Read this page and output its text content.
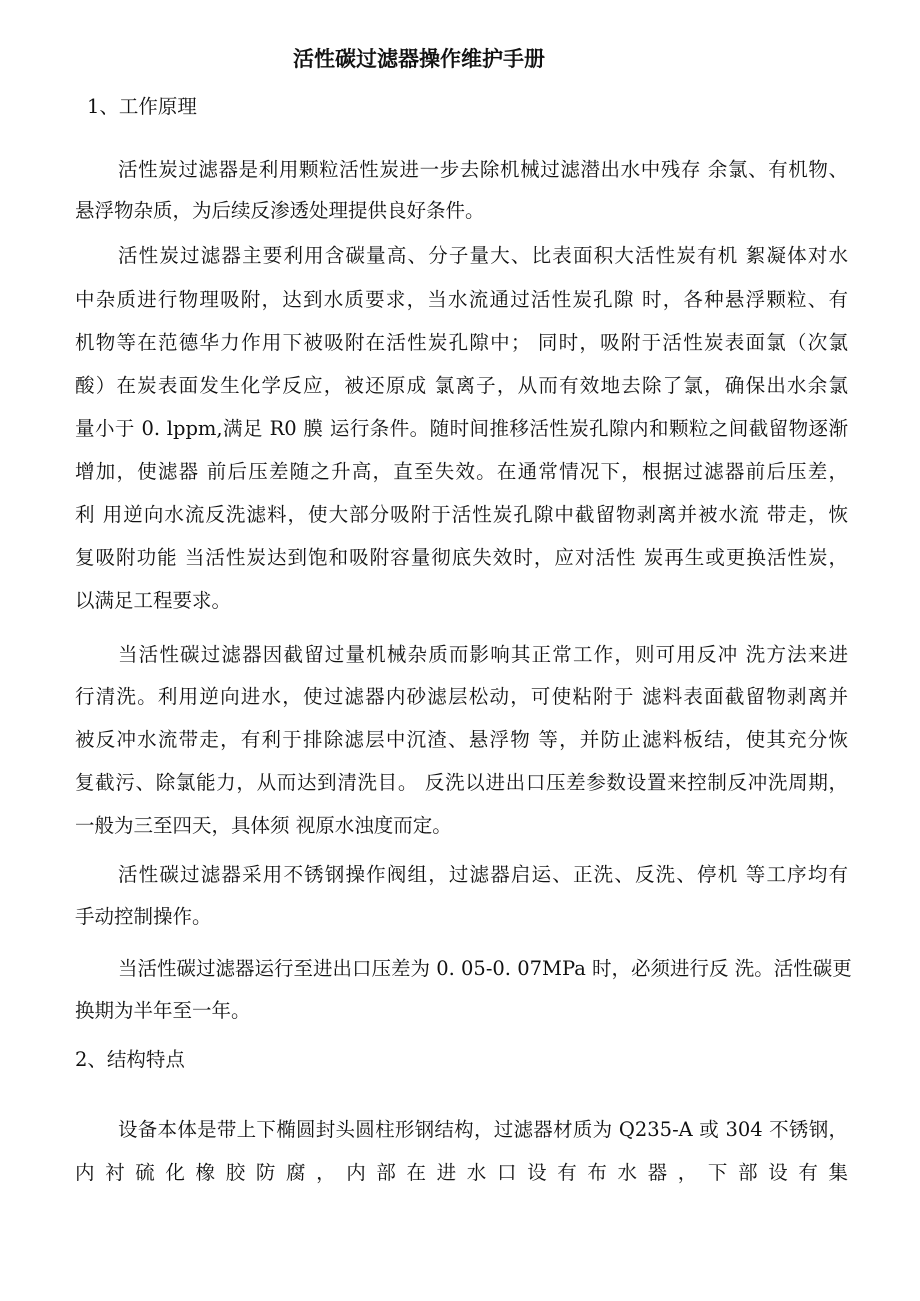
活性碳过滤器操作维护手册
1、工作原理
活性炭过滤器是利用颗粒活性炭进一步去除机械过滤潜出水中残存 余氯、有机物、
悬浮物杂质，为后续反渗透处理提供良好条件。
活性炭过滤器主要利用含碳量高、分子量大、比表面积大活性炭有机 絮凝体对水
中杂质进行物理吸附，达到水质要求，当水流通过活性炭孔隙 时，各种悬浮颗粒、有
机物等在范德华力作用下被吸附在活性炭孔隙中； 同时，吸附于活性炭表面氯（次氯
酸）在炭表面发生化学反应，被还原成 氯离子，从而有效地去除了氯，确保出水余氯
量小于 0. lppm,满足 R0 膜 运行条件。随时间推移活性炭孔隙内和颗粒之间截留物逐渐
增加，使滤器 前后压差随之升高，直至失效。在通常情况下，根据过滤器前后压差，
利 用逆向水流反洗滤料，使大部分吸附于活性炭孔隙中截留物剥离并被水流 带走，恢
复吸附功能 当活性炭达到饱和吸附容量彻底失效时，应对活性 炭再生或更换活性炭，
以满足工程要求。
当活性碳过滤器因截留过量机械杂质而影响其正常工作，则可用反冲 洗方法来进
行清洗。利用逆向进水，使过滤器内砂滤层松动，可使粘附于 滤料表面截留物剥离并
被反冲水流带走，有利于排除滤层中沉渣、悬浮物 等，并防止滤料板结，使其充分恢
复截污、除氯能力，从而达到清洗目。 反洗以进出口压差参数设置来控制反冲洗周期，
一般为三至四天，具体须 视原水浊度而定。
活性碳过滤器采用不锈钢操作阀组，过滤器启运、正洗、反洗、停机 等工序均有
手动控制操作。
当活性碳过滤器运行至进出口压差为 0. 05-0. 07MPa 时，必须进行反 洗。活性碳更
换期为半年至一年。
2、结构特点
设备本体是带上下椭圆封头圆柱形钢结构，过滤器材质为 Q235-A 或 304 不锈钢，
内衬硫化橡胶防腐，内部在进水口设有布水器，下部设有集
